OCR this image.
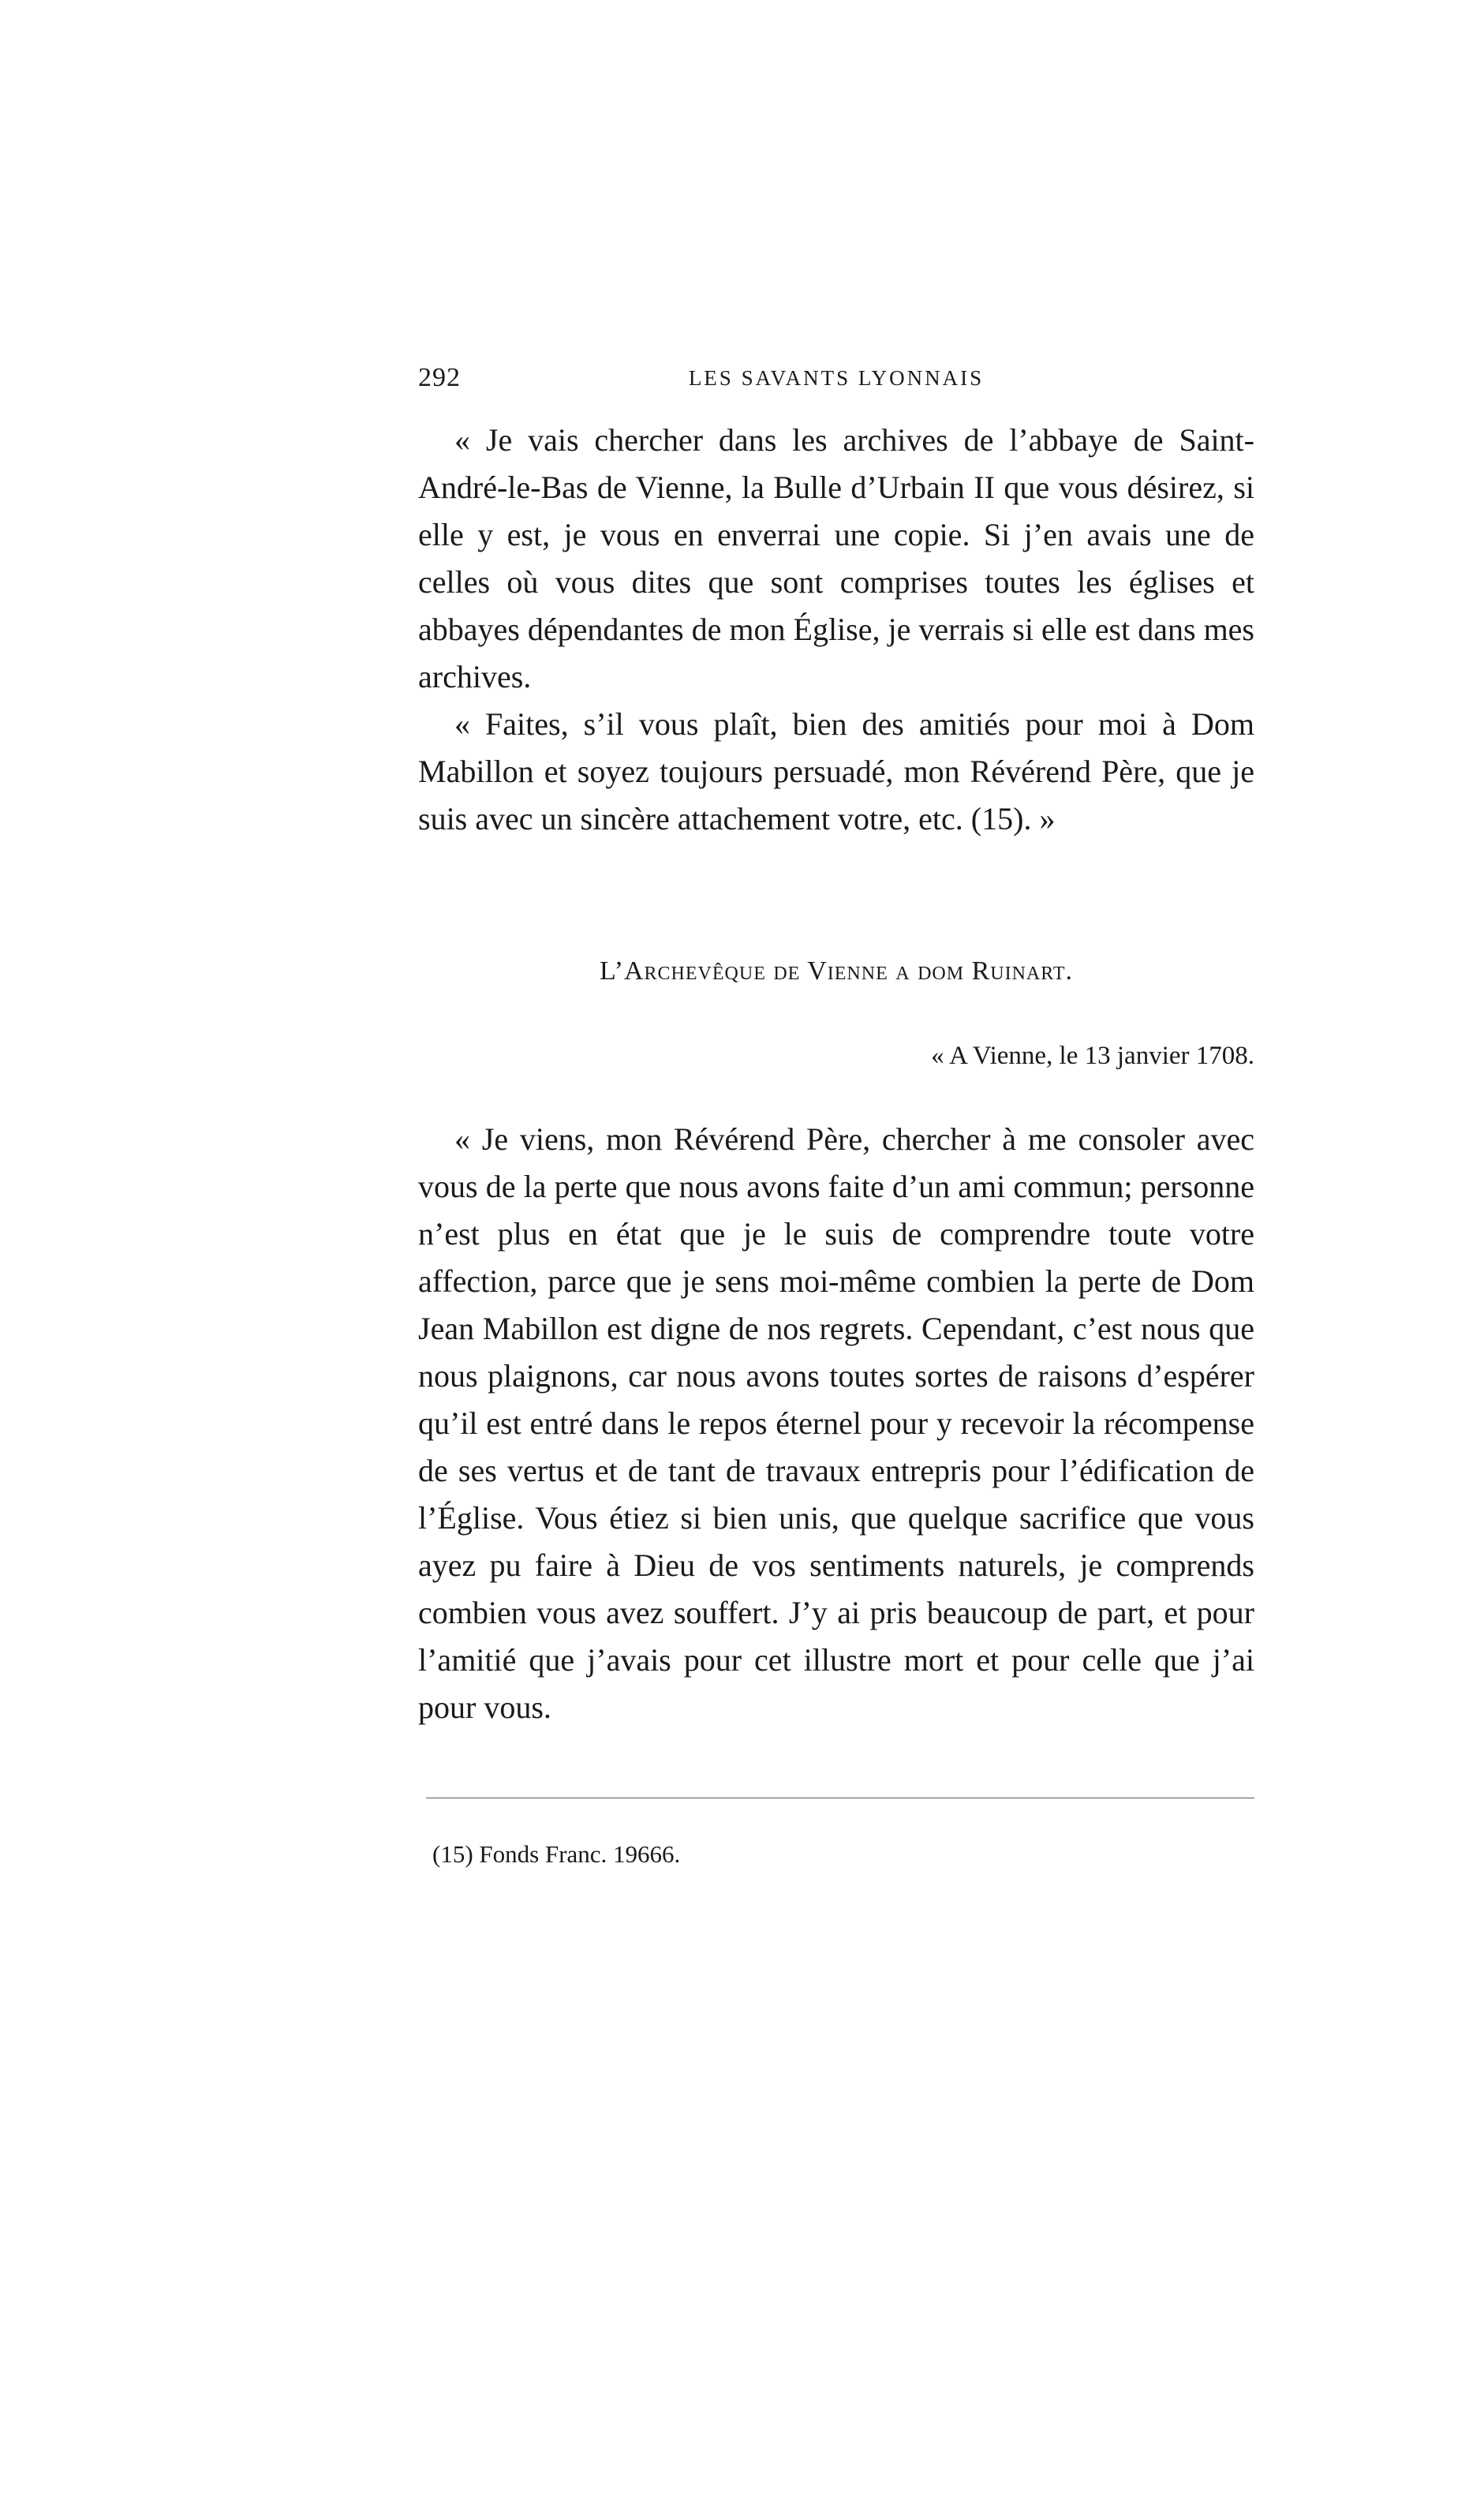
292	LES SAVANTS LYONNAIS

« Je vais chercher dans les archives de l’abbaye de Saint-André-le-Bas de Vienne, la Bulle d’Urbain II que vous désirez, si elle y est, je vous en enverrai une copie. Si j’en avais une de celles où vous dites que sont comprises toutes les églises et abbayes dépendantes de mon Église, je verrais si elle est dans mes archives.

« Faites, s’il vous plaît, bien des amitiés pour moi à Dom Mabillon et soyez toujours persuadé, mon Révérend Père, que je suis avec un sincère attachement votre, etc. (15). »

L’Archevêque de Vienne a dom Ruinart.
« A Vienne, le 13 janvier 1708.

« Je viens, mon Révérend Père, chercher à me consoler avec vous de la perte que nous avons faite d’un ami commun; personne n’est plus en état que je le suis de comprendre toute votre affection, parce que je sens moi-même combien la perte de Dom Jean Mabillon est digne de nos regrets. Cependant, c’est nous que nous plaignons, car nous avons toutes sortes de raisons d’espérer qu’il est entré dans le repos éternel pour y recevoir la récompense de ses vertus et de tant de travaux entrepris pour l’édification de l’Église. Vous étiez si bien unis, que quelque sacrifice que vous ayez pu faire à Dieu de vos sentiments naturels, je comprends combien vous avez souffert. J’y ai pris beaucoup de part, et pour l’amitié que j’avais pour cet illustre mort et pour celle que j’ai pour vous.

(15) Fonds Franc. 19666.
